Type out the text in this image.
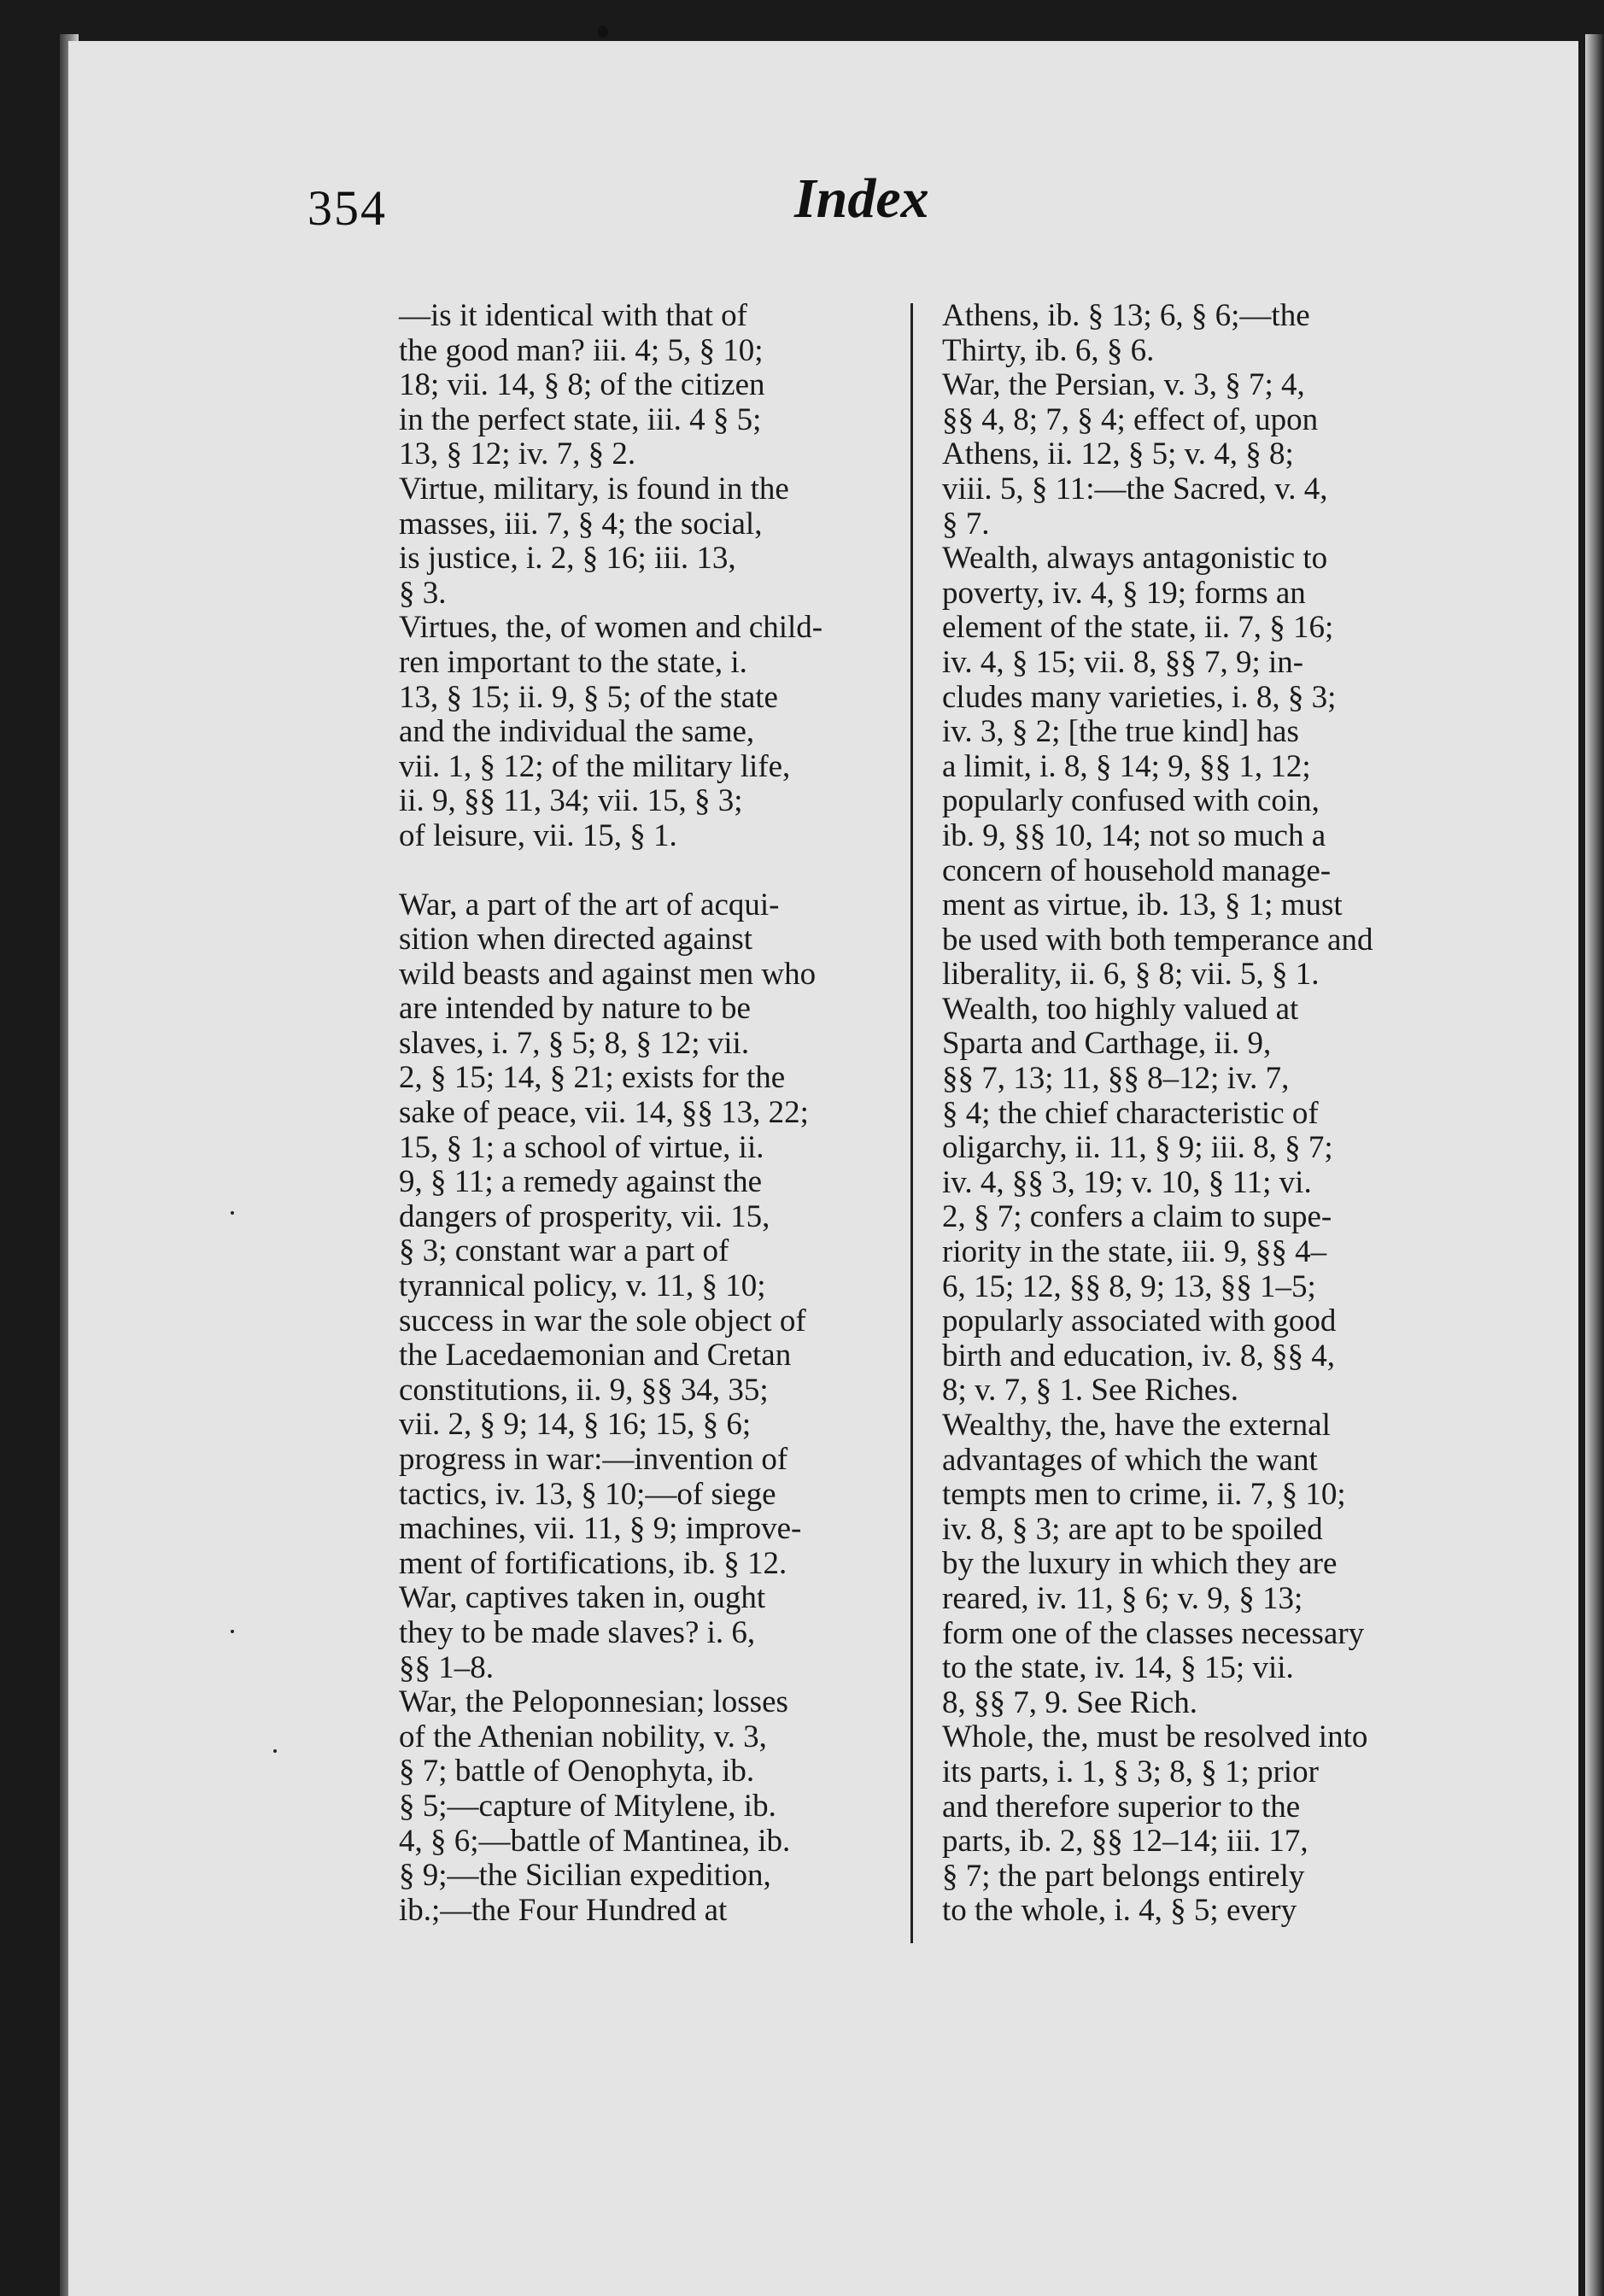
354	Index
—is it identical with that of
the good man? iii. 4; 5, § 10;
18; vii. 14, § 8; of the citizen
in the perfect state, iii. 4 § 5;
13, § 12; iv. 7, § 2.
Virtue, military, is found in the
masses, iii. 7, § 4; the social,
is justice, i. 2, § 16; iii. 13,
§ 3.
Virtues, the, of women and child-
ren important to the state, i.
13, § 15; ii. 9, § 5; of the state
and the individual the same,
vii. 1, § 12; of the military life,
ii. 9, §§ 11, 34; vii. 15, § 3;
of leisure, vii. 15, § 1.
War, a part of the art of acqui-
sition when directed against
wild beasts and against men who
are intended by nature to be
slaves, i. 7, § 5; 8, § 12; vii.
2, § 15; 14, § 21; exists for the
sake of peace, vii. 14, §§ 13, 22;
15, § 1; a school of virtue, ii.
9, § 11; a remedy against the
dangers of prosperity, vii. 15,
§ 3; constant war a part of
tyrannical policy, v. 11, § 10;
success in war the sole object of
the Lacedaemonian and Cretan
constitutions, ii. 9, §§ 34, 35;
vii. 2, § 9; 14, § 16; 15, § 6;
progress in war:—invention of
tactics, iv. 13, § 10;—of siege
machines, vii. 11, § 9; improve-
ment of fortifications, ib. § 12.
War, captives taken in, ought
they to be made slaves? i. 6,
§§ 1–8.
War, the Peloponnesian; losses
of the Athenian nobility, v. 3,
§ 7; battle of Oenophyta, ib.
§ 5;—capture of Mitylene, ib.
4, § 6;—battle of Mantinea, ib.
§ 9;—the Sicilian expedition,
ib.;—the Four Hundred at
Athens, ib. § 13; 6, § 6;—the
Thirty, ib. 6, § 6.
War, the Persian, v. 3, § 7; 4,
§§ 4, 8; 7, § 4; effect of, upon
Athens, ii. 12, § 5; v. 4, § 8;
viii. 5, § 11:—the Sacred, v. 4,
§ 7.
Wealth, always antagonistic to
poverty, iv. 4, § 19; forms an
element of the state, ii. 7, § 16;
iv. 4, § 15; vii. 8, §§ 7, 9; in-
cludes many varieties, i. 8, § 3;
iv. 3, § 2; [the true kind] has
a limit, i. 8, § 14; 9, §§ 1, 12;
popularly confused with coin,
ib. 9, §§ 10, 14; not so much a
concern of household manage-
ment as virtue, ib. 13, § 1; must
be used with both temperance and
liberality, ii. 6, § 8; vii. 5, § 1.
Wealth, too highly valued at
Sparta and Carthage, ii. 9,
§§ 7, 13; 11, §§ 8–12; iv. 7,
§ 4; the chief characteristic of
oligarchy, ii. 11, § 9; iii. 8, § 7;
iv. 4, §§ 3, 19; v. 10, § 11; vi.
2, § 7; confers a claim to supe-
riority in the state, iii. 9, §§ 4–
6, 15; 12, §§ 8, 9; 13, §§ 1–5;
popularly associated with good
birth and education, iv. 8, §§ 4,
8; v. 7, § 1. See Riches.
Wealthy, the, have the external
advantages of which the want
tempts men to crime, ii. 7, § 10;
iv. 8, § 3; are apt to be spoiled
by the luxury in which they are
reared, iv. 11, § 6; v. 9, § 13;
form one of the classes necessary
to the state, iv. 14, § 15; vii.
8, §§ 7, 9. See Rich.
Whole, the, must be resolved into
its parts, i. 1, § 3; 8, § 1; prior
and therefore superior to the
parts, ib. 2, §§ 12–14; iii. 17,
§ 7; the part belongs entirely
to the whole, i. 4, § 5; every
